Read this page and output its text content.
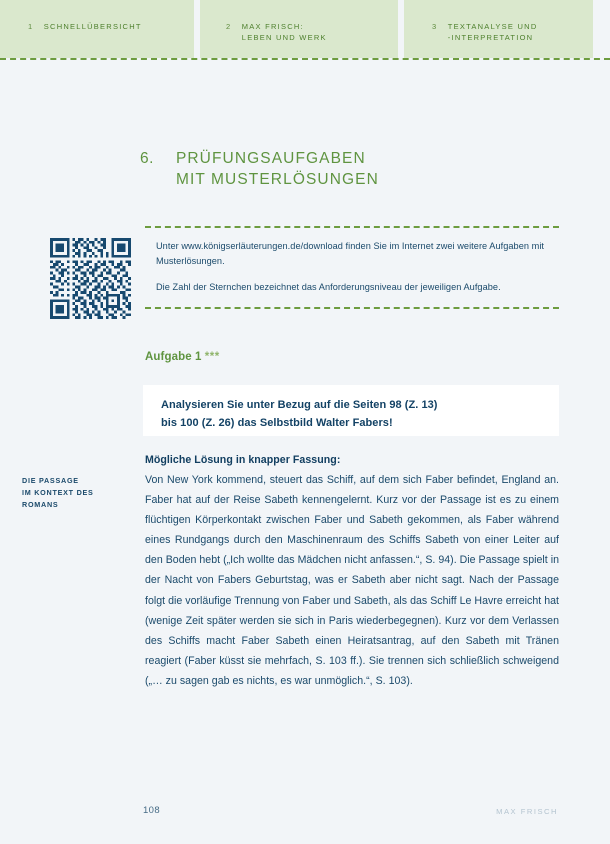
1 SCHNELLÜBERSICHT	2 MAX FRISCH:
LEBEN UND WERK
3 TEXTANALYSE UND
-INTERPRETATION
6. PRÜFUNGSAUFGABEN
MIT MUSTERLÖSUNGEN

Unter www.königserläuterungen.de/download finden Sie im Internet zwei weitere Aufgaben mit Musterlösungen.

Die Zahl der Sternchen bezeichnet das Anforderungsniveau der jeweiligen Aufgabe.

Aufgabe 1 ***
Analysieren Sie unter Bezug auf die Seiten 98 (Z. 13)
bis 100 (Z. 26) das Selbstbild Walter Fabers!
DIE PASSAGE
IM KONTEXT DES
ROMANS
Mögliche Lösung in knapper Fassung:
Von New York kommend, steuert das Schiff, auf dem sich Faber befindet, England an. Faber hat auf der Reise Sabeth kennengelernt. Kurz vor der Passage ist es zu einem flüchtigen Körperkontakt zwischen Faber und Sabeth gekommen, als Faber während eines Rundgangs durch den Maschinenraum des Schiffs Sabeth von einer Leiter auf den Boden hebt („Ich wollte das Mädchen nicht anfassen.“, S. 94). Die Passage spielt in der Nacht von Fabers Geburtstag, was er Sabeth aber nicht sagt. Nach der Passage folgt die vorläufige Trennung von Faber und Sabeth, als das Schiff Le Havre erreicht hat (wenige Zeit später werden sie sich in Paris wiederbegegnen). Kurz vor dem Verlassen des Schiffs macht Faber Sabeth einen Heiratsantrag, auf den Sabeth mit Tränen reagiert (Faber küsst sie mehrfach, S. 103 ff.). Sie trennen sich schließlich schweigend („… zu sagen gab es nichts, es war unmöglich.“, S. 103).
108	MAX FRISCH
